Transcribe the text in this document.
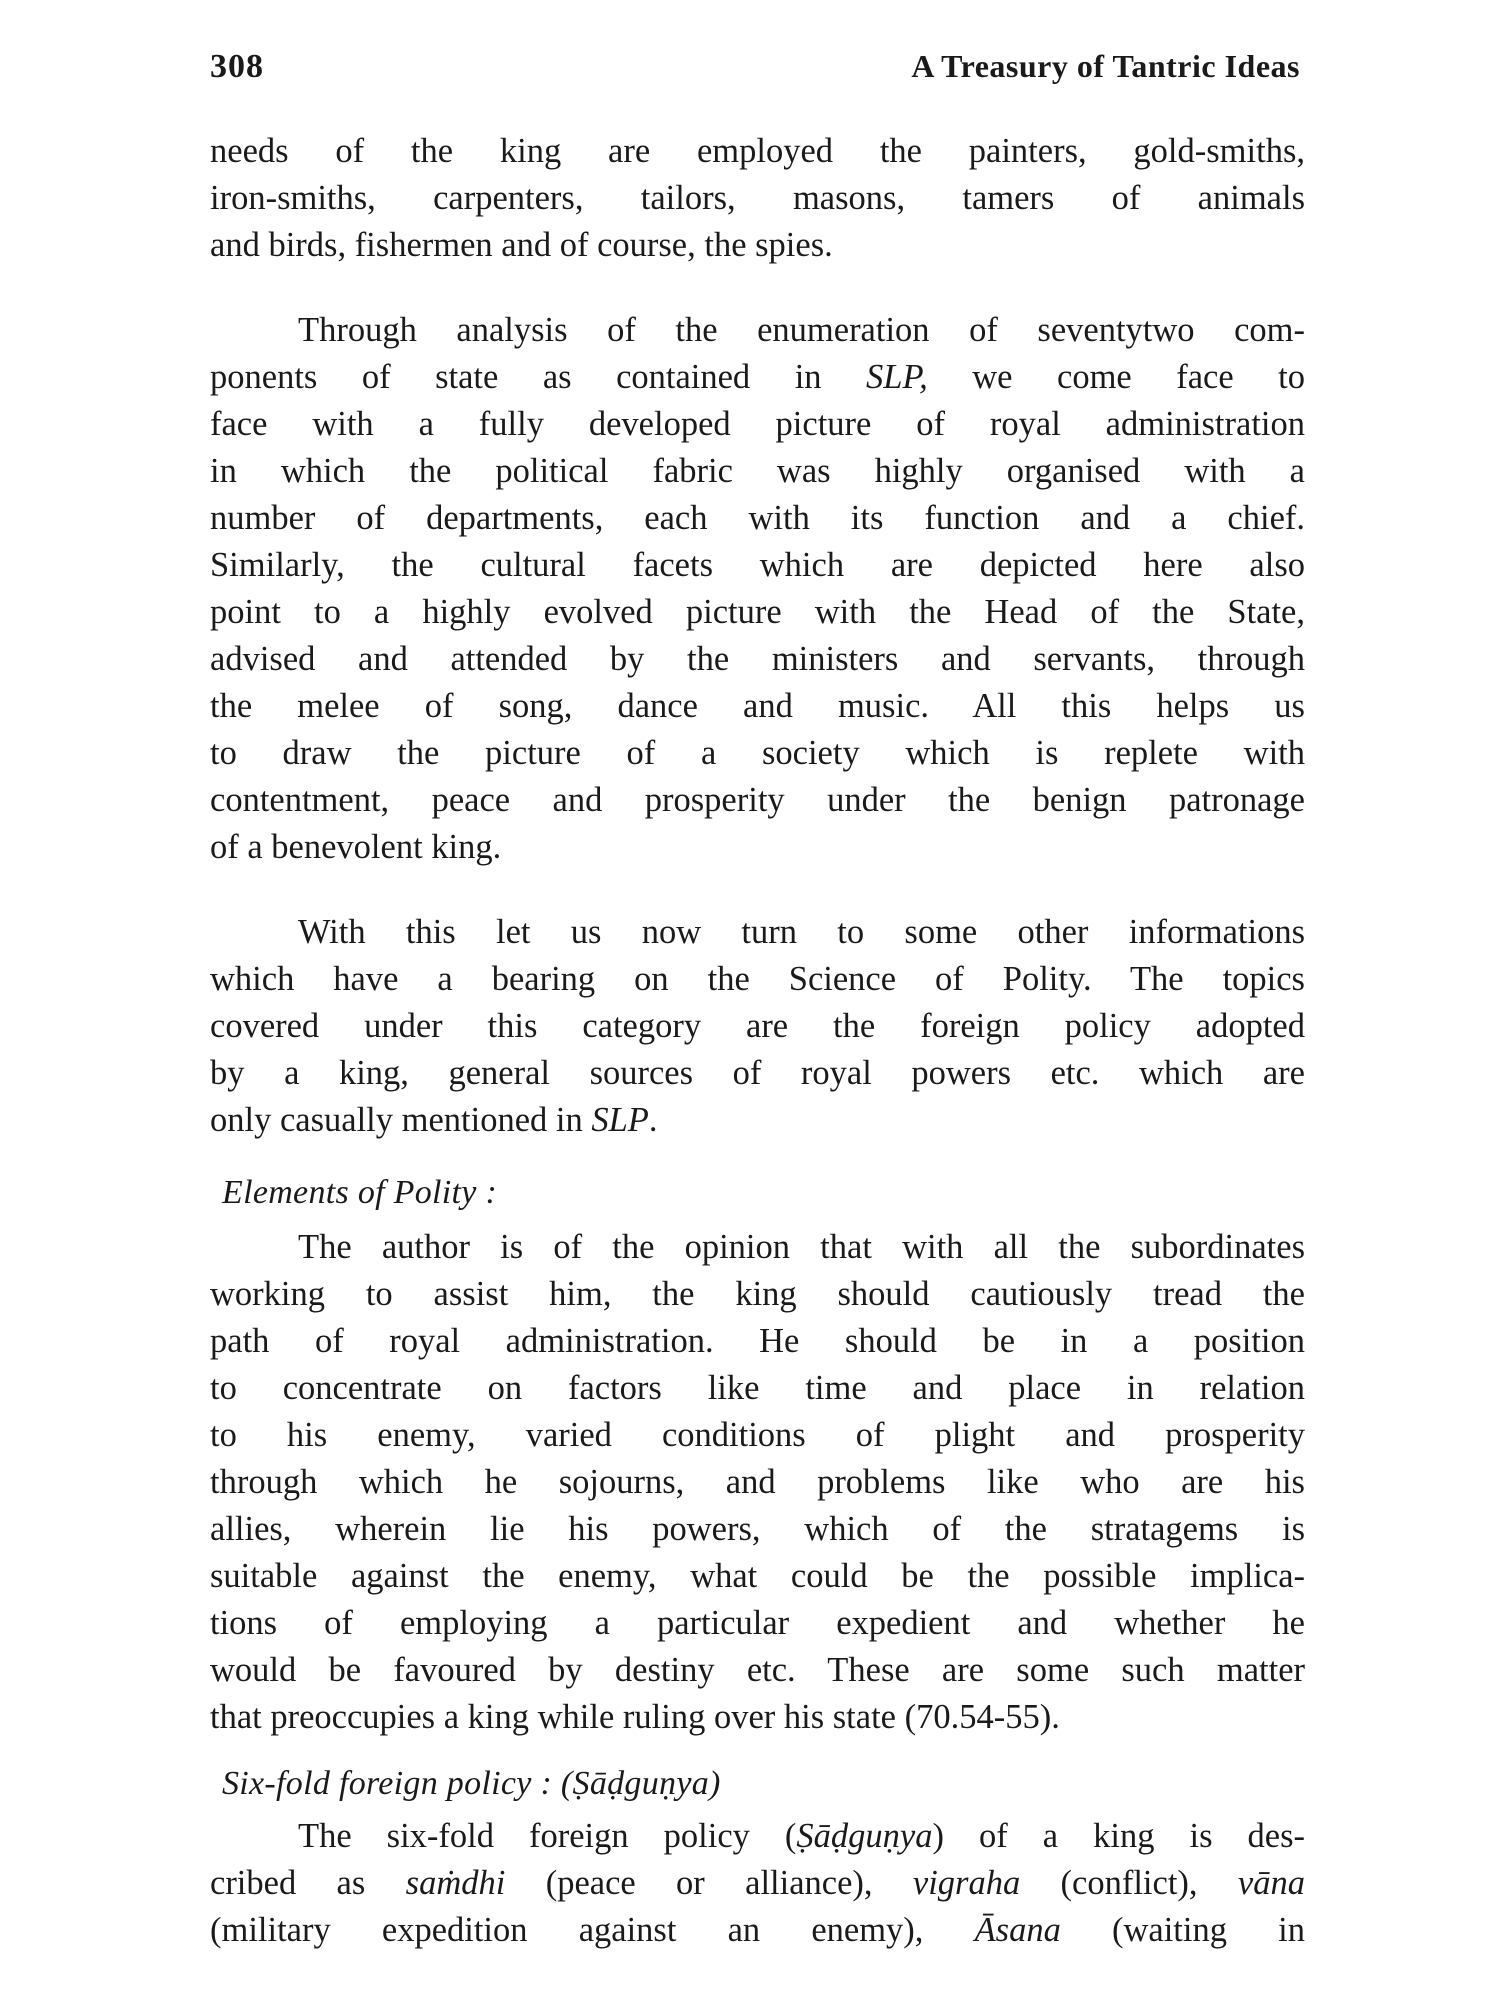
308	A Treasury of Tantric Ideas

needs of the king are employed the painters, gold-smiths,
iron-smiths, carpenters, tailors, masons, tamers of animals
and birds, fishermen and of course, the spies.

Through analysis of the enumeration of seventytwo com-
ponents of state as contained in SLP, we come face to
face with a fully developed picture of royal administration
in which the political fabric was highly organised with a
number of departments, each with its function and a chief.
Similarly, the cultural facets which are depicted here also
point to a highly evolved picture with the Head of the State,
advised and attended by the ministers and servants, through
the melee of song, dance and music. All this helps us
to draw the picture of a society which is replete with
contentment, peace and prosperity under the benign patronage
of a benevolent king.

With this let us now turn to some other informations
which have a bearing on the Science of Polity. The topics
covered under this category are the foreign policy adopted
by a king, general sources of royal powers etc. which are
only casually mentioned in SLP.

Elements of Polity :

The author is of the opinion that with all the subordinates
working to assist him, the king should cautiously tread the
path of royal administration. He should be in a position
to concentrate on factors like time and place in relation
to his enemy, varied conditions of plight and prosperity
through which he sojourns, and problems like who are his
allies, wherein lie his powers, which of the stratagems is
suitable against the enemy, what could be the possible implica-
tions of employing a particular expedient and whether he
would be favoured by destiny etc. These are some such matter
that preoccupies a king while ruling over his state (70.54-55).

Six-fold foreign policy : (Ṣāḍguṇya)

The six-fold foreign policy (Ṣāḍguṇya) of a king is des-
cribed as saṁdhi (peace or alliance), vigraha (conflict), vāna
(military expedition against an enemy), Āsana (waiting in
